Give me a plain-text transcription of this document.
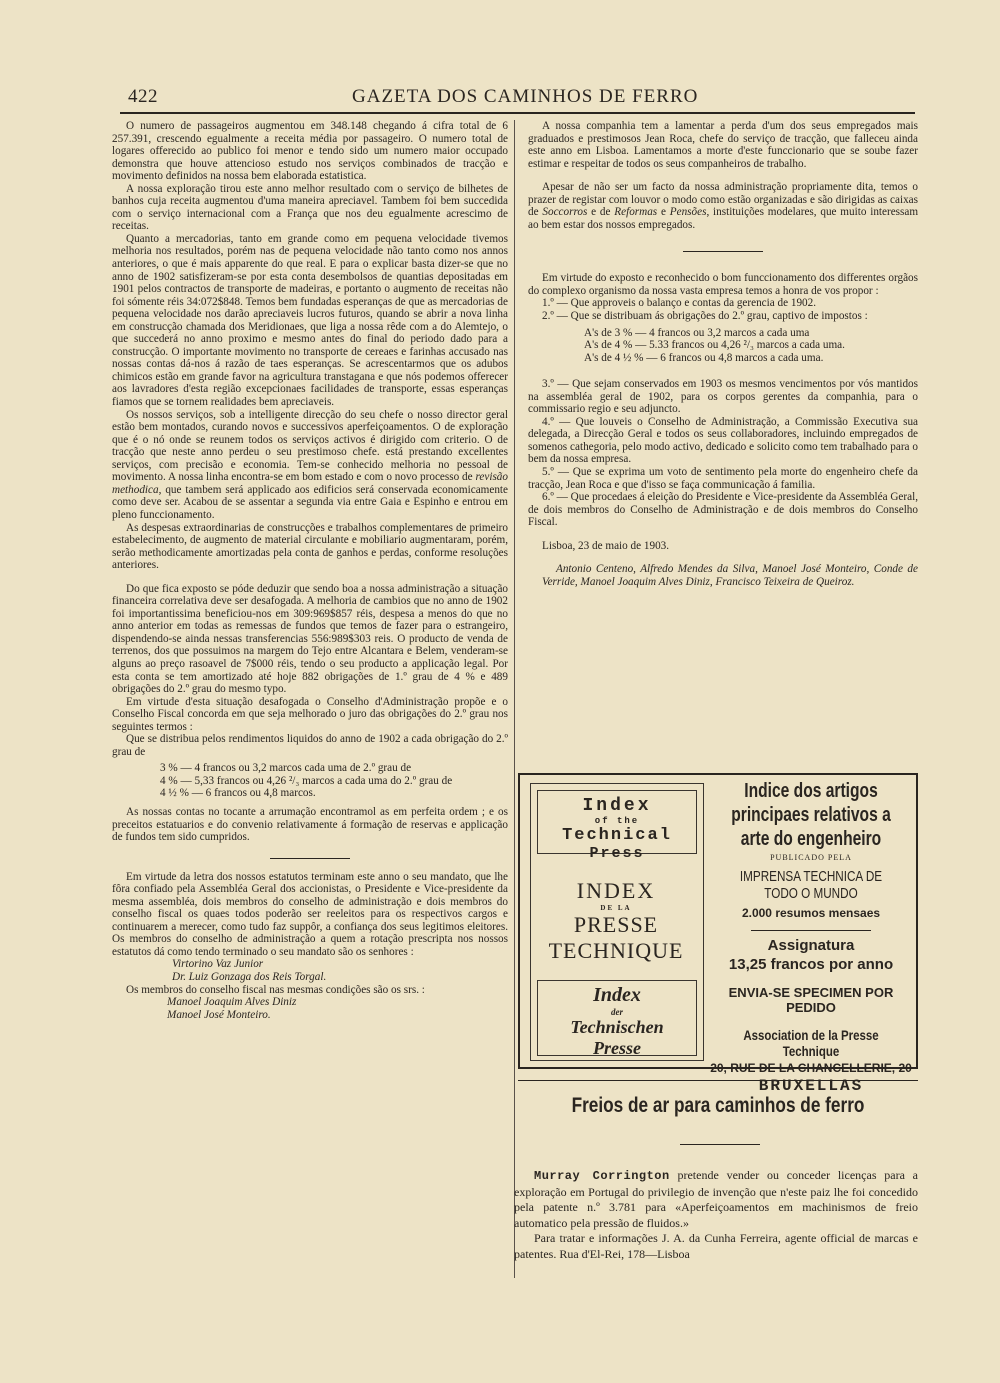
422	GAZETA DOS CAMINHOS DE FERRO

O numero de passageiros augmentou em 348.148 chegando á cifra total de 6 257.391, crescendo egualmente a receita média por passageiro. O numero total de logares offerecido ao publico foi menor e tendo sido um numero maior occupado demonstra que houve attencioso estudo nos serviços combinados de tracção e movimento definidos na nossa bem elaborada estatistica.

A nossa exploração tirou este anno melhor resultado com o serviço de bilhetes de banhos cuja receita augmentou d'uma maneira apreciavel. Tambem foi bem succedida com o serviço internacional com a França que nos deu egualmente acrescimo de receitas.

Quanto a mercadorias, tanto em grande como em pequena velocidade tivemos melhoria nos resultados, porém nas de pequena velocidade não tanto como nos annos anteriores, o que é mais apparente do que real. E para o explicar basta dizer-se que no anno de 1902 satisfizeram-se por esta conta desembolsos de quantias depositadas em 1901 pelos contractos de transporte de madeiras, e portanto o augmento de receitas não foi sómente réis 34:072$848. Temos bem fundadas esperanças de que as mercadorias de pequena velocidade nos darão apreciaveis lucros futuros, quando se abrir a nova linha em construcção chamada dos Meridionaes, que liga a nossa rêde com a do Alemtejo, o que succederá no anno proximo e mesmo antes do final do periodo dado para a construcção. O importante movimento no transporte de cereaes e farinhas accusado nas nossas contas dá-nos á razão de taes esperanças. Se acrescentarmos que os adubos chimicos estão em grande favor na agricultura transtagana e que nós podemos offerecer aos lavradores d'esta região excepcionaes facilidades de transporte, essas esperanças fiamos que se tornem realidades bem apreciaveis.

Os nossos serviços, sob a intelligente direcção do seu chefe o nosso director geral estão bem montados, curando novos e successivos aperfeiçoamentos. O de exploração que é o nó onde se reunem todos os serviços activos é dirigido com criterio. O de tracção que neste anno perdeu o seu prestimoso chefe. está prestando excellentes serviços, com precisão e economia. Tem-se conhecido melhoria no pessoal de movimento. A nossa linha encontra-se em bom estado e com o novo processo de revisão methodica, que tambem será applicado aos edificios será conservada economicamente como deve ser. Acabou de se assentar a segunda via entre Gaia e Espinho e entrou em pleno funccionamento.

As despesas extraordinarias de construcções e trabalhos complementares de primeiro estabelecimento, de augmento de material circulante e mobiliario augmentaram, porém, serão methodicamente amortizadas pela conta de ganhos e perdas, conforme resoluções anteriores.

Do que fica exposto se póde deduzir que sendo boa a nossa administração a situação financeira correlativa deve ser desafogada. A melhoria de cambios que no anno de 1902 foi importantissima beneficiou-nos em 309:969$857 réis, despesa a menos do que no anno anterior em todas as remessas de fundos que temos de fazer para o estrangeiro, dispendendo-se ainda nessas transferencias 556:989$303 reis. O producto de venda de terrenos, dos que possuimos na margem do Tejo entre Alcantara e Belem, venderam-se alguns ao preço rasoavel de 7$000 réis, tendo o seu producto a applicação legal. Por esta conta se tem amortizado até hoje 882 obrigações de 1.º grau de 4 % e 489 obrigações do 2.º grau do mesmo typo.

Em virtude d'esta situação desafogada o Conselho d'Administração propõe e o Conselho Fiscal concorda em que seja melhorado o juro das obrigações do 2.º grau nos seguintes termos :

Que se distribua pelos rendimentos liquidos do anno de 1902 a cada obrigação do 2.º grau de

3 % — 4 francos ou 3,2 marcos cada uma de 2.º grau de
4 % — 5,33 francos ou 4,26 ²/₃ marcos a cada uma do 2.º grau de
4 ½ % — 6 francos ou 4,8 marcos.

As nossas contas no tocante a arrumação encontramol as em perfeita ordem ; e os preceitos estatuarios e do convenio relativamente á formação de reservas e applicação de fundos tem sido cumpridos.

Em virtude da letra dos nossos estatutos terminam este anno o seu mandato, que lhe fôra confiado pela Assembléa Geral dos accionistas, o Presidente e Vice-presidente da mesma assembléa, dois membros do conselho de administração e dois membros do conselho fiscal os quaes todos poderão ser reeleitos para os respectivos cargos e continuarem a merecer, como tudo faz suppôr, a confiança dos seus legitimos eleitores. Os membros do conselho de administração a quem a rotação prescripta nos nossos estatutos dá como tendo terminado o seu mandato são os senhores :

Virtorino Vaz Junior
Dr. Luiz Gonzaga dos Reis Torgal.

Os membros do conselho fiscal nas mesmas condições são os srs. :

Manoel Joaquim Alves Diniz
Manoel José Monteiro.

A nossa companhia tem a lamentar a perda d'um dos seus empregados mais graduados e prestimosos Jean Roca, chefe do serviço de tracção, que falleceu ainda este anno em Lisboa. Lamentamos a morte d'este funccionario que se soube fazer estimar e respeitar de todos os seus companheiros de trabalho.

Apesar de não ser um facto da nossa administração propriamente dita, temos o prazer de registar com louvor o modo como estão organizadas e são dirigidas as caixas de Soccorros e de Reformas e Pensões, instituições modelares, que muito interessam ao bem estar dos nossos empregados.

Em virtude do exposto e reconhecido o bom funccionamento dos differentes orgãos do complexo organismo da nossa vasta empresa temos a honra de vos propor :

1.º — Que approveis o balanço e contas da gerencia de 1902.

2.º — Que se distribuam ás obrigações do 2.º grau, captivo de impostos :

A's de 3 % — 4 francos ou 3,2 marcos a cada uma
A's de 4 % — 5.33 francos ou 4,26 ²/₃ marcos a cada uma.
A's de 4 ½ % — 6 francos ou 4,8 marcos a cada uma.

3.º — Que sejam conservados em 1903 os mesmos vencimentos por vós mantidos na assembléa geral de 1902, para os corpos gerentes da companhia, para o commissario regio e seu adjuncto.

4.º — Que louveis o Conselho de Administração, a Commissão Executiva sua delegada, a Direcção Geral e todos os seus collaboradores, incluindo empregados de somenos cathegoria, pelo modo activo, dedicado e solicito como tem trabalhado para o bem da nossa empresa.

5.º — Que se exprima um voto de sentimento pela morte do engenheiro chefe da tracção, Jean Roca e que d'isso se faça communicação á familia.

6.º — Que procedaes á eleição do Presidente e Vice-presidente da Assembléa Geral, de dois membros do Conselho de Administração e de dois membros do Conselho Fiscal.

Lisboa, 23 de maio de 1903.

Antonio Centeno, Alfredo Mendes da Silva, Manoel José Monteiro, Conde de Verride, Manoel Joaquim Alves Diniz, Francisco Teixeira de Queiroz.

Index
of the
Technical
Press
INDEX
DE LA
PRESSE
TECHNIQUE
Index
der
Technischen
Presse
Indice dos artigos principaes relativos a arte do engenheiro
PUBLICADO PELA
IMPRENSA TECHNICA DE TODO O MUNDO
2.000 resumos mensaes
Assignatura
13,25 francos por anno
ENVIA-SE SPECIMEN POR PEDIDO
Association de la Presse Technique
20, RUE DE LA CHANCELLERIE, 20
BRUXELLAS
Freios de ar para caminhos de ferro

Murray Corrington pretende vender ou conceder licenças para a exploração em Portugal do privilegio de invenção que n'este paiz lhe foi concedido pela patente n.º 3.781 para «Aperfeiçoamentos em machinismos de freio automatico pela pressão de fluidos.»

Para tratar e informações J. A. da Cunha Ferreira, agente official de marcas e patentes. Rua d'El-Rei, 178—Lisboa
